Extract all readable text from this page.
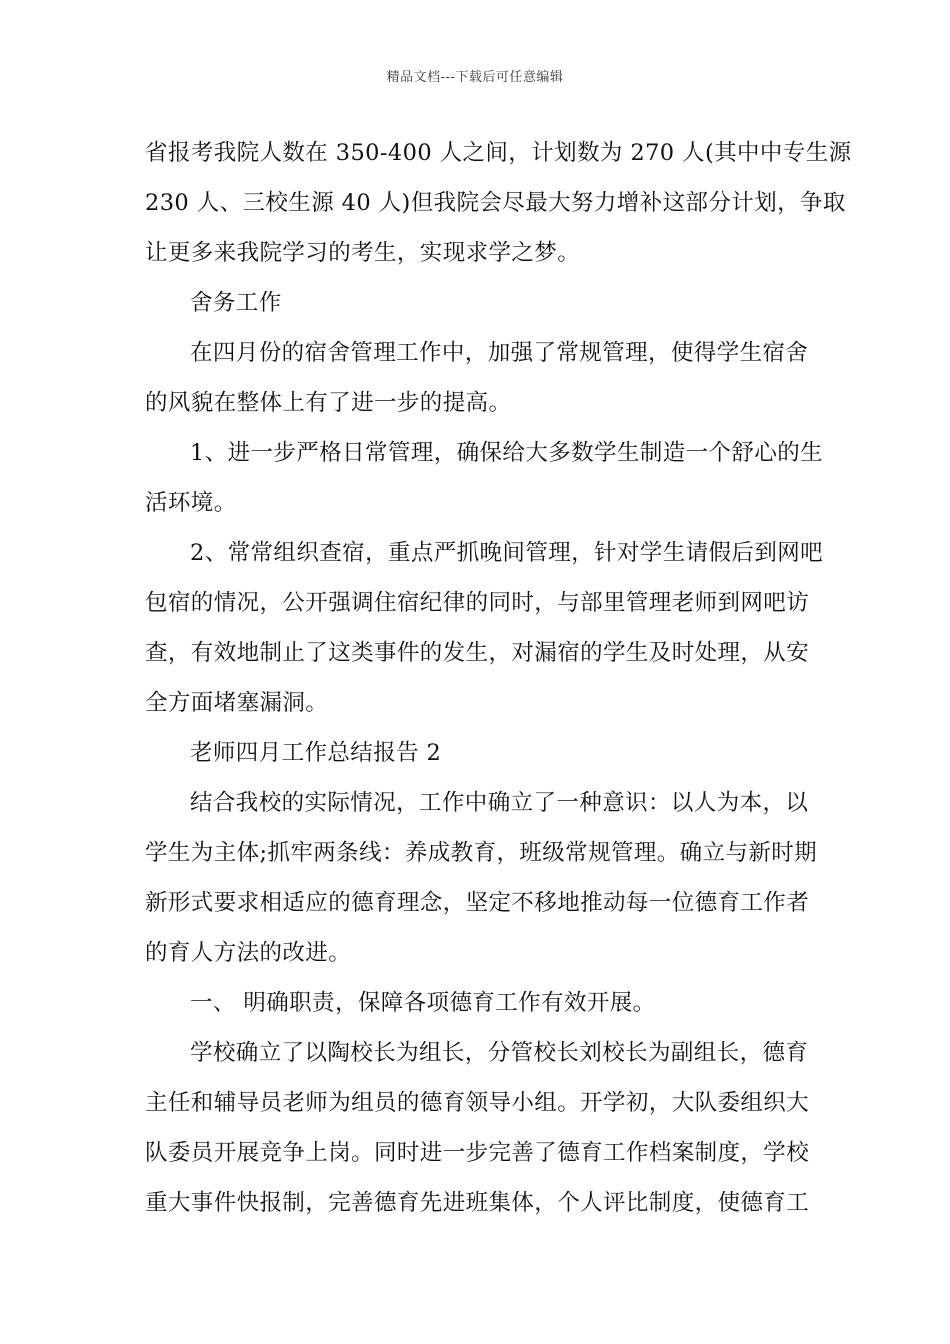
精品文档---下载后可任意编辑
省报考我院人数在 350-400 人之间，计划数为 270 人(其中中专生源
230 人、三校生源 40 人)但我院会尽最大努力增补这部分计划，争取
让更多来我院学习的考生，实现求学之梦。
舍务工作
在四月份的宿舍管理工作中，加强了常规管理，使得学生宿舍
的风貌在整体上有了进一步的提高。
1、进一步严格日常管理，确保给大多数学生制造一个舒心的生
活环境。
2、常常组织查宿，重点严抓晚间管理，针对学生请假后到网吧
包宿的情况，公开强调住宿纪律的同时，与部里管理老师到网吧访
查，有效地制止了这类事件的发生，对漏宿的学生及时处理，从安
全方面堵塞漏洞。
老师四月工作总结报告 2
结合我校的实际情况，工作中确立了一种意识：以人为本，以
学生为主体;抓牢两条线：养成教育，班级常规管理。确立与新时期
新形式要求相适应的德育理念，坚定不移地推动每一位德育工作者
的育人方法的改进。
一、 明确职责，保障各项德育工作有效开展。
学校确立了以陶校长为组长，分管校长刘校长为副组长，德育
主任和辅导员老师为组员的德育领导小组。开学初，大队委组织大
队委员开展竞争上岗。同时进一步完善了德育工作档案制度，学校
重大事件快报制，完善德育先进班集体，个人评比制度，使德育工
